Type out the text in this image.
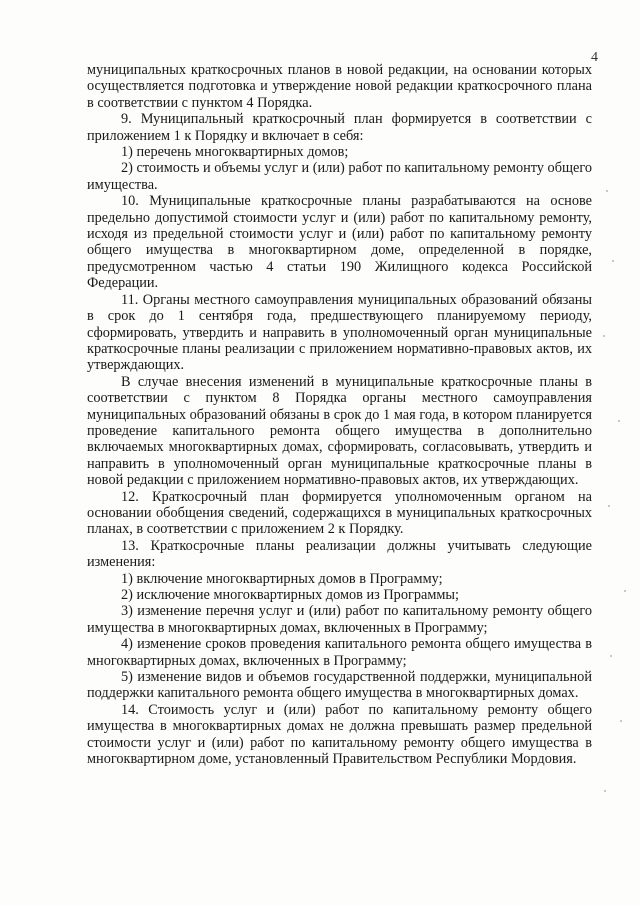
4

муниципальных краткосрочных планов в новой редакции, на основании которых осуществляется подготовка и утверждение новой редакции краткосрочного плана в соответствии с пунктом 4 Порядка.

9. Муниципальный краткосрочный план формируется в соответствии с приложением 1 к Порядку и включает в себя:

1) перечень многоквартирных домов;

2) стоимость и объемы услуг и (или) работ по капитальному ремонту общего имущества.

10. Муниципальные краткосрочные планы разрабатываются на основе предельно допустимой стоимости услуг и (или) работ по капитальному ремонту, исходя из предельной стоимости услуг и (или) работ по капитальному ремонту общего имущества в многоквартирном доме, определенной в порядке, предусмотренном частью 4 статьи 190 Жилищного кодекса Российской Федерации.

11. Органы местного самоуправления муниципальных образований обязаны в срок до 1 сентября года, предшествующего планируемому периоду, сформировать, утвердить и направить в уполномоченный орган муниципальные краткосрочные планы реализации с приложением нормативно-правовых актов, их утверждающих.

В случае внесения изменений в муниципальные краткосрочные планы в соответствии с пунктом 8 Порядка органы местного самоуправления муниципальных образований обязаны в срок до 1 мая года, в котором планируется проведение капитального ремонта общего имущества в дополнительно включаемых многоквартирных домах, сформировать, согласовывать, утвердить и направить в уполномоченный орган муниципальные краткосрочные планы в новой редакции с приложением нормативно-правовых актов, их утверждающих.

12. Краткосрочный план формируется уполномоченным органом на основании обобщения сведений, содержащихся в муниципальных краткосрочных планах, в соответствии с приложением 2 к Порядку.

13. Краткосрочные планы реализации должны учитывать следующие изменения:

1) включение многоквартирных домов в Программу;

2) исключение многоквартирных домов из Программы;

3) изменение перечня услуг и (или) работ по капитальному ремонту общего имущества в многоквартирных домах, включенных в Программу;

4) изменение сроков проведения капитального ремонта общего имущества в многоквартирных домах, включенных в Программу;

5) изменение видов и объемов государственной поддержки, муниципальной поддержки капитального ремонта общего имущества в многоквартирных домах.

14. Стоимость услуг и (или) работ по капитальному ремонту общего имущества в многоквартирных домах не должна превышать размер предельной стоимости услуг и (или) работ по капитальному ремонту общего имущества в многоквартирном доме, установленный Правительством Республики Мордовия.
